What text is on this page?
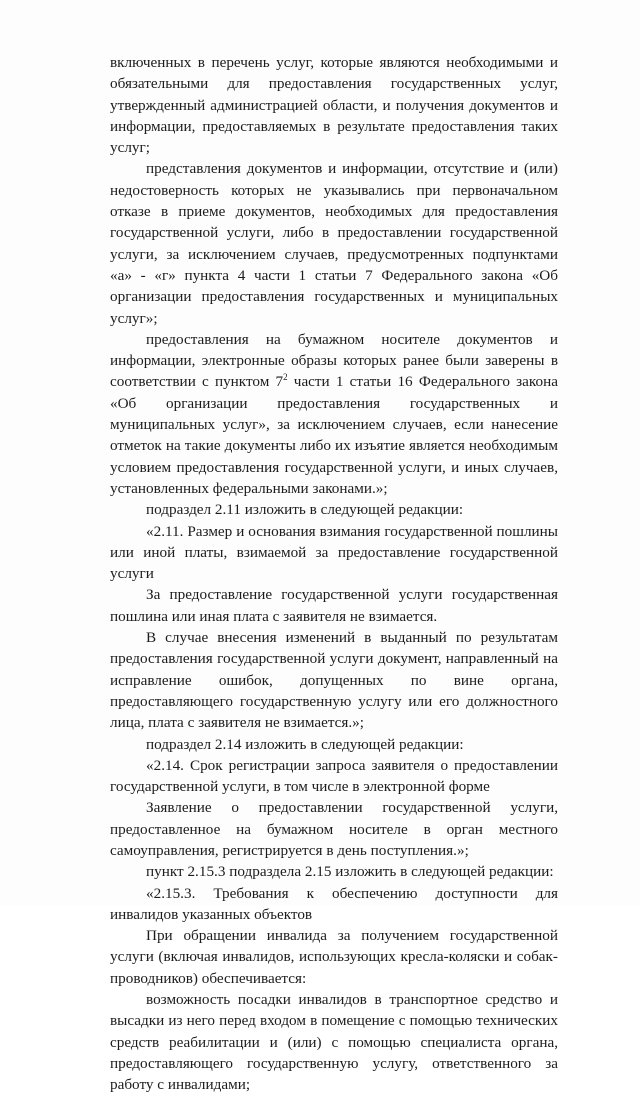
включенных в перечень услуг, которые являются необходимыми и обязательными для предоставления государственных услуг, утвержденный администрацией области, и получения документов и информации, предоставляемых в результате предоставления таких услуг;

представления документов и информации, отсутствие и (или) недостоверность которых не указывались при первоначальном отказе в приеме документов, необходимых для предоставления государственной услуги, либо в предоставлении государственной услуги, за исключением случаев, предусмотренных подпунктами «а» - «г» пункта 4 части 1 статьи 7 Федерального закона «Об организации предоставления государственных и муниципальных услуг»;

предоставления на бумажном носителе документов и информации, электронные образы которых ранее были заверены в соответствии с пунктом $7^2$ части 1 статьи 16 Федерального закона «Об организации предоставления государственных и муниципальных услуг», за исключением случаев, если нанесение отметок на такие документы либо их изъятие является необходимым условием предоставления государственной услуги, и иных случаев, установленных федеральными законами.»;

подраздел 2.11 изложить в следующей редакции:

«2.11. Размер и основания взимания государственной пошлины или иной платы, взимаемой за предоставление государственной услуги

За предоставление государственной услуги государственная пошлина или иная плата с заявителя не взимается.

В случае внесения изменений в выданный по результатам предоставления государственной услуги документ, направленный на исправление ошибок, допущенных по вине органа, предоставляющего государственную услугу или его должностного лица, плата с заявителя не взимается.»;

подраздел 2.14 изложить в следующей редакции:

«2.14. Срок регистрации запроса заявителя о предоставлении государственной услуги, в том числе в электронной форме

Заявление о предоставлении государственной услуги, предоставленное на бумажном носителе в орган местного самоуправления, регистрируется в день поступления.»;

пункт 2.15.3 подраздела 2.15 изложить в следующей редакции:

«2.15.3. Требования к обеспечению доступности для инвалидов указанных объектов

При обращении инвалида за получением государственной услуги (включая инвалидов, использующих кресла-коляски и собак-проводников) обеспечивается:

возможность посадки инвалидов в транспортное средство и высадки из него перед входом в помещение с помощью технических средств реабилитации и (или) с помощью специалиста органа, предоставляющего государственную услугу, ответственного за работу с инвалидами;
